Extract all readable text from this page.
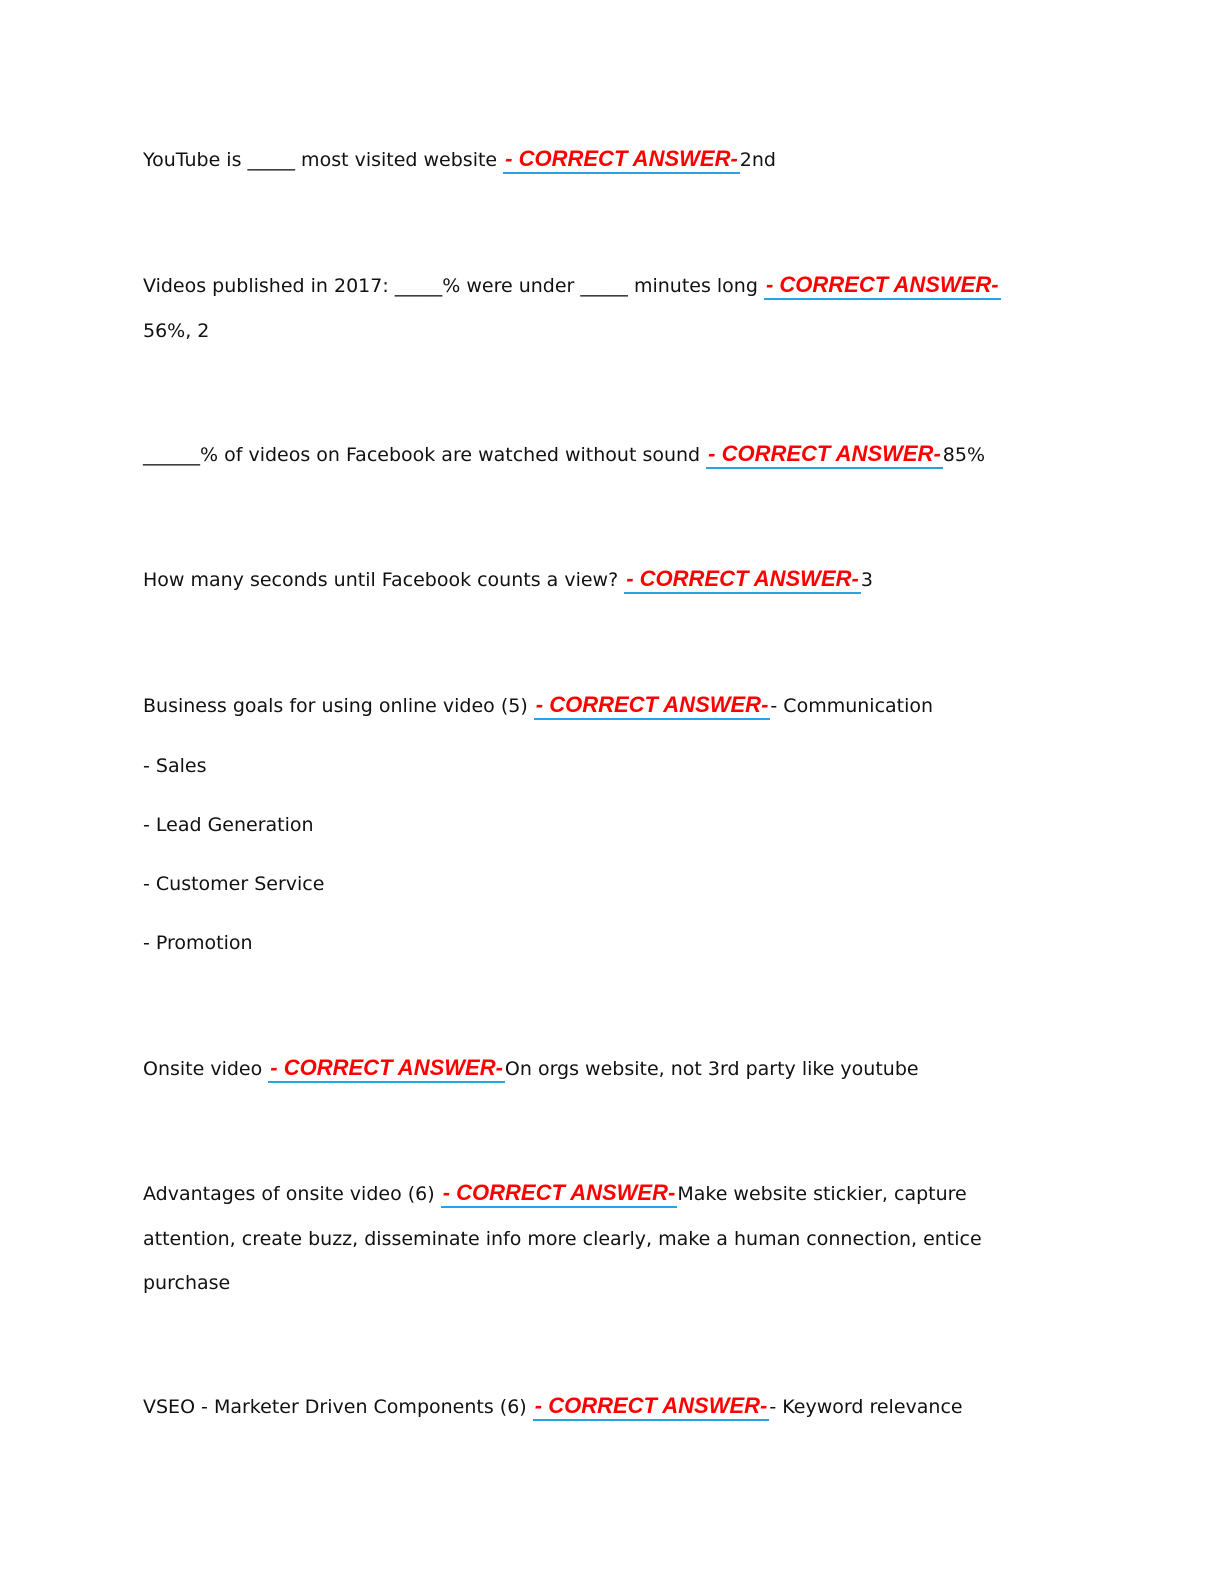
YouTube is _____ most visited website - CORRECT ANSWER- 2nd
Videos published in 2017: _____% were under _____ minutes long - CORRECT ANSWER-
56%, 2
______% of videos on Facebook are watched without sound - CORRECT ANSWER- 85%
How many seconds until Facebook counts a view? - CORRECT ANSWER- 3
Business goals for using online video (5) - CORRECT ANSWER- - Communication
- Sales
- Lead Generation
- Customer Service
- Promotion
Onsite video - CORRECT ANSWER- On orgs website, not 3rd party like youtube
Advantages of onsite video (6) - CORRECT ANSWER- Make website stickier, capture
attention, create buzz, disseminate info more clearly, make a human connection, entice
purchase
VSEO - Marketer Driven Components (6) - CORRECT ANSWER- - Keyword relevance
